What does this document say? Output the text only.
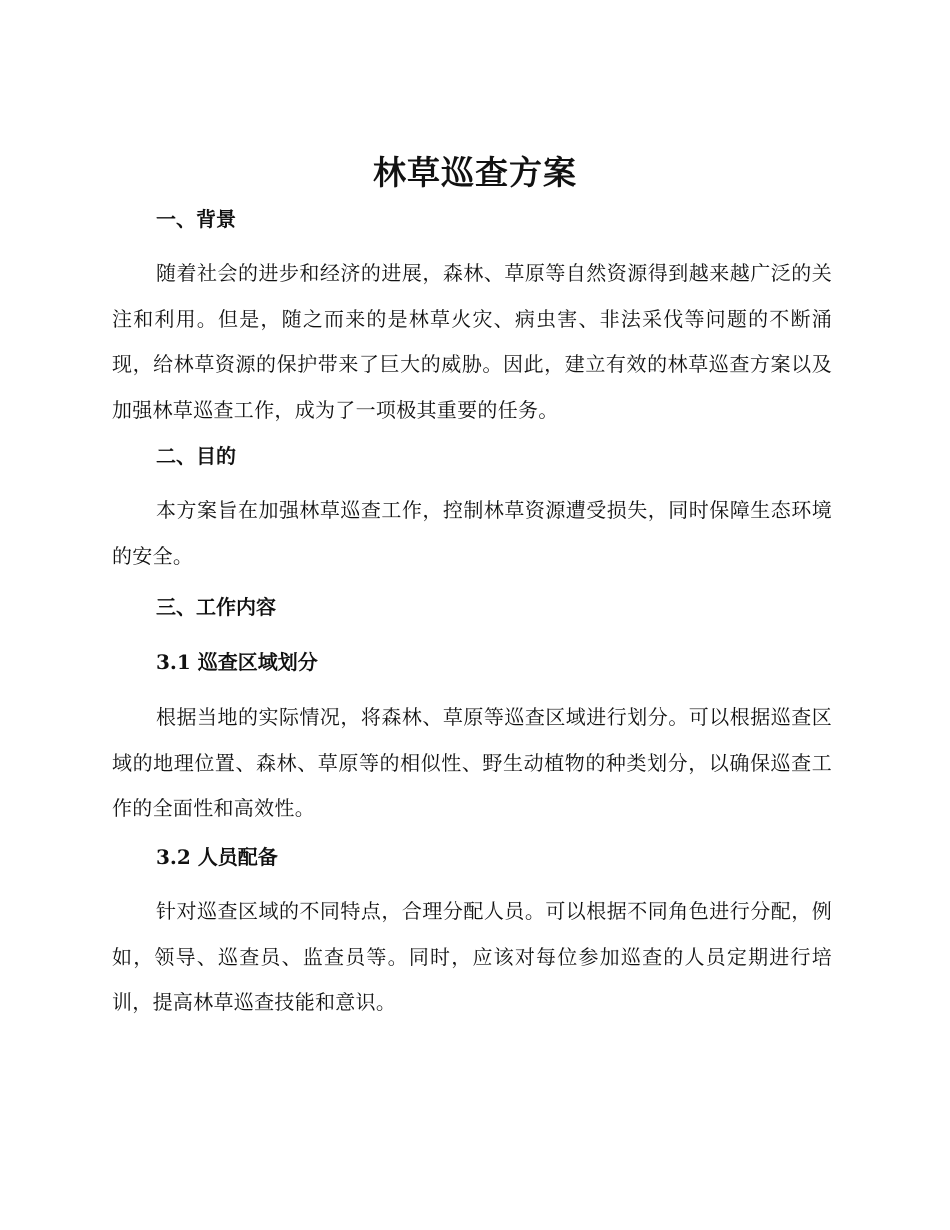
林草巡查方案
一、背景

随着社会的进步和经济的进展，森林、草原等自然资源得到越来越广泛的关注和利用。但是，随之而来的是林草火灾、病虫害、非法采伐等问题的不断涌现，给林草资源的保护带来了巨大的威胁。因此，建立有效的林草巡查方案以及加强林草巡查工作，成为了一项极其重要的任务。

二、目的

本方案旨在加强林草巡查工作，控制林草资源遭受损失，同时保障生态环境的安全。

三、工作内容
3.1 巡查区域划分

根据当地的实际情况，将森林、草原等巡查区域进行划分。可以根据巡查区域的地理位置、森林、草原等的相似性、野生动植物的种类划分，以确保巡查工作的全面性和高效性。

3.2 人员配备

针对巡查区域的不同特点，合理分配人员。可以根据不同角色进行分配，例如，领导、巡查员、监查员等。同时，应该对每位参加巡查的人员定期进行培训，提高林草巡查技能和意识。
